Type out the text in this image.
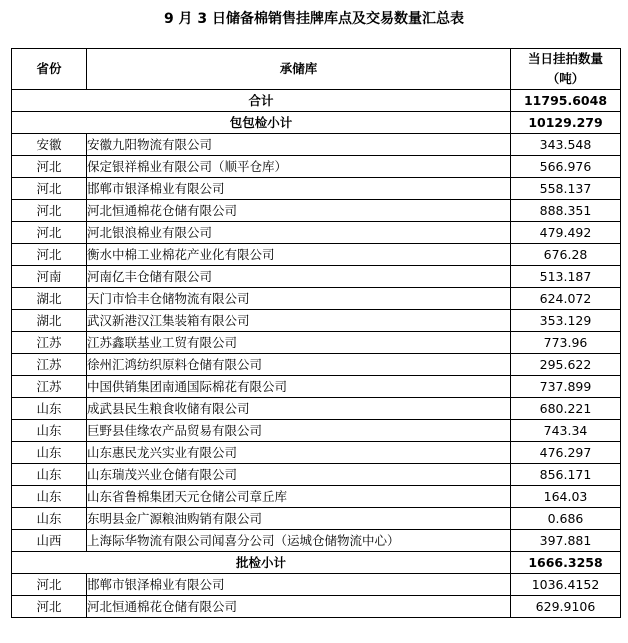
9 月 3 日储备棉销售挂牌库点及交易数量汇总表
省份	承储库	当日挂拍数量
（吨）

合计		11795.6048
包包检小计		10129.279
安徽	安徽九阳物流有限公司	343.548
河北	保定银祥棉业有限公司（顺平仓库）	566.976
河北	邯郸市银泽棉业有限公司	558.137
河北	河北恒通棉花仓储有限公司	888.351
河北	河北银浪棉业有限公司	479.492
河北	衡水中棉工业棉花产业化有限公司	676.28
河南	河南亿丰仓储有限公司	513.187
湖北	天门市恰丰仓储物流有限公司	624.072
湖北	武汉新港汉江集装箱有限公司	353.129
江苏	江苏鑫联基业工贸有限公司	773.96
江苏	徐州汇鸿纺织原料仓储有限公司	295.622
江苏	中国供销集团南通国际棉花有限公司	737.899
山东	成武县民生粮食收储有限公司	680.221
山东	巨野县佳缘农产品贸易有限公司	743.34
山东	山东惠民龙兴实业有限公司	476.297
山东	山东瑞茂兴业仓储有限公司	856.171
山东	山东省鲁棉集团天元仓储公司章丘库	164.03
山东	东明县金广源粮油购销有限公司	0.686
山西	上海际华物流有限公司闻喜分公司（运城仓储物流中心）	397.881
批检小计		1666.3258
河北	邯郸市银泽棉业有限公司	1036.4152
河北	河北恒通棉花仓储有限公司	629.9106
